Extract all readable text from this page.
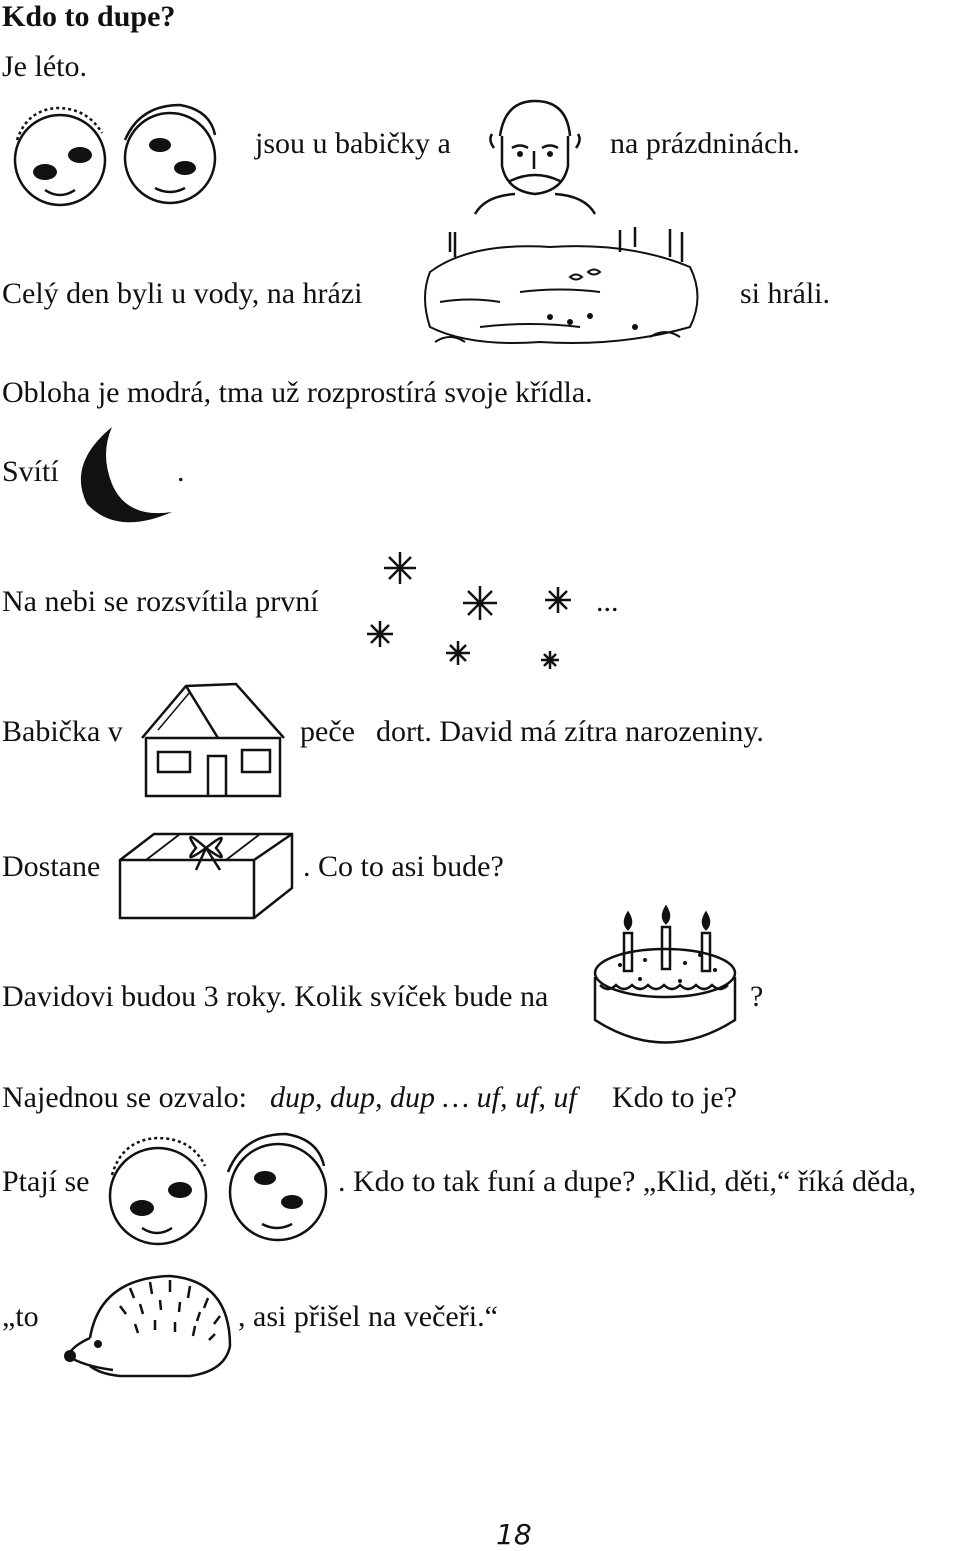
Kdo to dupe?
Je léto.
jsou u babičky a	na prázdninách.
Celý den byli u vody, na hrázi	si hráli.
Obloha je modrá, tma už rozprostírá svoje křídla.
Svítí	.
Na nebi se rozsvítila první	...
Babička v	peče dort. David má zítra narozeniny.
Dostane	. Co to asi bude?
Davidovi budou 3 roky. Kolik svíček bude na	?
Najednou se ozvalo: dup, dup, dup … uf, uf, uf Kdo to je?
Ptají se	. Kdo to tak funí a dupe? „Klid, děti,“ říká děda,
„to	, asi přišel na večeři.“
18
